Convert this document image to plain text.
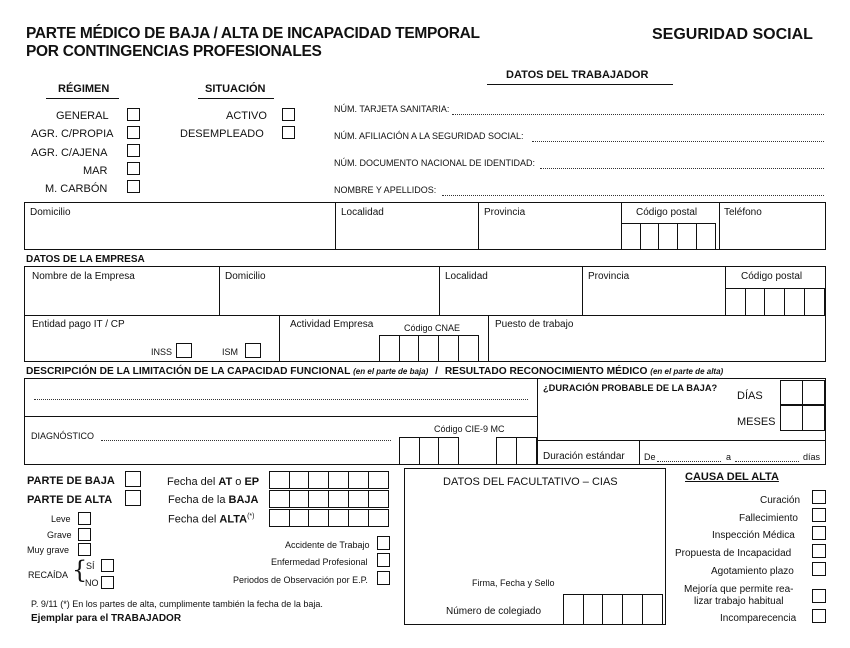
PARTE MÉDICO DE BAJA / ALTA DE INCAPACIDAD TEMPORAL
POR CONTINGENCIAS PROFESIONALES
SEGURIDAD SOCIAL
RÉGIMEN
GENERAL
AGR. C/PROPIA
AGR. C/AJENA
MAR
M. CARBÓN
SITUACIÓN
ACTIVO
DESEMPLEADO
DATOS DEL TRABAJADOR
NÚM. TARJETA SANITARIA:
NÚM. AFILIACIÓN A LA SEGURIDAD SOCIAL:
NÚM. DOCUMENTO NACIONAL DE IDENTIDAD:
NOMBRE Y APELLIDOS:
Domicilio	Localidad	Provincia	Código postal	Teléfono
DATOS DE LA EMPRESA
Nombre de la Empresa	Domicilio	Localidad	Provincia	Código postal
Entidad pago IT / CP
INSS	ISM
Actividad Empresa	Código CNAE	Puesto de trabajo
DESCRIPCIÓN DE LA LIMITACIÓN DE LA CAPACIDAD FUNCIONAL (en el parte de baja) / RESULTADO RECONOCIMIENTO MÉDICO (en el parte de alta)
¿DURACIÓN PROBABLE DE LA BAJA?
DÍAS
MESES
DIAGNÓSTICO
Código CIE-9 MC
Duración estándar De	a	días
PARTE DE BAJA
PARTE DE ALTA
Fecha del AT o EP
Fecha de la BAJA
Fecha del ALTA(*)
Leve
Grave
Muy grave
RECAÍDA {
SÍ
NO
Accidente de Trabajo
Enfermedad Profesional
Periodos de Observación por E.P.
P. 9/11 (*) En los partes de alta, cumplimente también la fecha de la baja.
Ejemplar para el TRABAJADOR
DATOS DEL FACULTATIVO – CIAS
Firma, Fecha y Sello
Número de colegiado
CAUSA DEL ALTA
Curación
Fallecimiento
Inspección Médica
Propuesta de Incapacidad
Agotamiento plazo
Mejoría que permite rea-
lizar trabajo habitual
Incomparecencia
